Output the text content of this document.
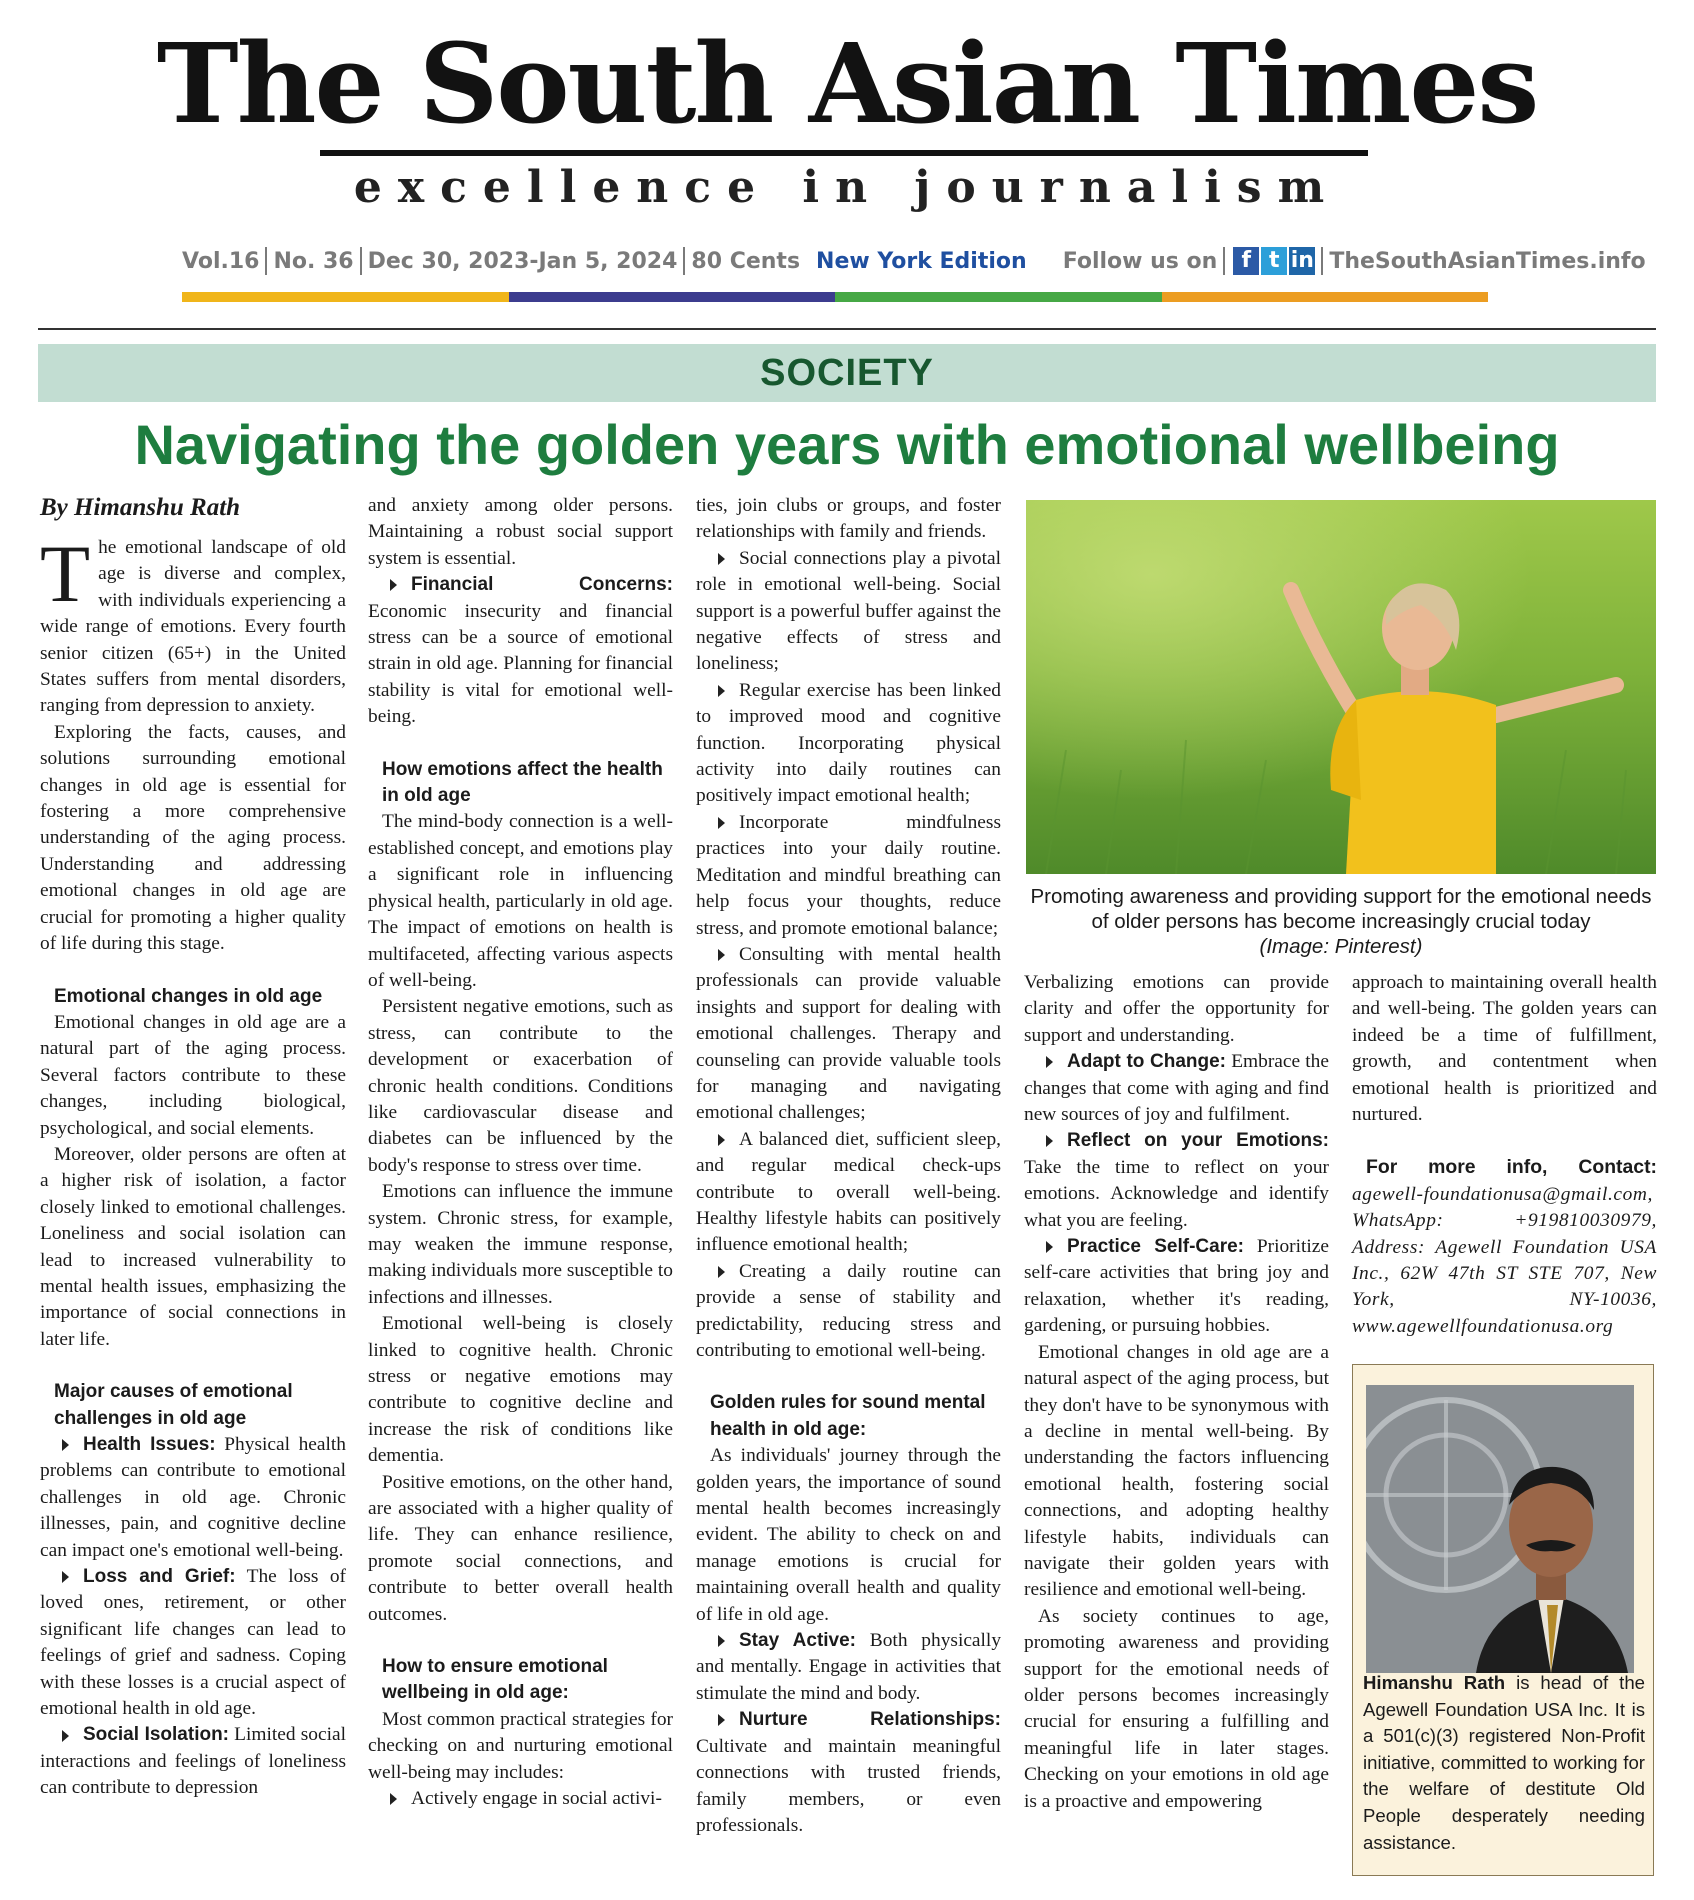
The South Asian Times
excellence in journalism
Vol.16 No. 36 Dec 30, 2023-Jan 5, 2024 80 Cents New York Edition Follow us on	f t in TheSouthAsianTimes.info
SOCIETY
Navigating the golden years with emotional wellbeing
By Himanshu Rath

The emotional landscape of old age is diverse and complex, with individuals experiencing a wide range of emotions. Every fourth senior citizen (65+) in the United States suffers from mental disorders, ranging from depression to anxiety.

Exploring the facts, causes, and solutions surrounding emotional changes in old age is essential for fostering a more comprehensive understanding of the aging process. Understanding and addressing emotional changes in old age are crucial for promoting a higher quality of life during this stage.

Emotional changes in old age

Emotional changes in old age are a natural part of the aging process. Several factors contribute to these changes, including biological, psychological, and social elements.

Moreover, older persons are often at a higher risk of isolation, a factor closely linked to emotional challenges. Loneliness and social isolation can lead to increased vulnerability to mental health issues, emphasizing the importance of social connections in later life.

Major causes of emotional challenges in old age

Health Issues: Physical health problems can contribute to emotional challenges in old age. Chronic illnesses, pain, and cognitive decline can impact one's emotional well-being.

Loss and Grief: The loss of loved ones, retirement, or other significant life changes can lead to feelings of grief and sadness. Coping with these losses is a crucial aspect of emotional health in old age.

Social Isolation: Limited social interactions and feelings of loneliness can contribute to depression

and anxiety among older persons. Maintaining a robust social support system is essential.

Financial Concerns: Economic insecurity and financial stress can be a source of emotional strain in old age. Planning for financial stability is vital for emotional well-being.

How emotions affect the health in old age

The mind-body connection is a well-established concept, and emotions play a significant role in influencing physical health, particularly in old age. The impact of emotions on health is multifaceted, affecting various aspects of well-being.

Persistent negative emotions, such as stress, can contribute to the development or exacerbation of chronic health conditions. Conditions like cardiovascular disease and diabetes can be influenced by the body's response to stress over time.

Emotions can influence the immune system. Chronic stress, for example, may weaken the immune response, making individuals more susceptible to infections and illnesses.

Emotional well-being is closely linked to cognitive health. Chronic stress or negative emotions may contribute to cognitive decline and increase the risk of conditions like dementia.

Positive emotions, on the other hand, are associated with a higher quality of life. They can enhance resilience, promote social connections, and contribute to better overall health outcomes.

How to ensure emotional wellbeing in old age:

Most common practical strategies for checking on and nurturing emotional well-being may includes:

Actively engage in social activi-

ties, join clubs or groups, and foster relationships with family and friends.

Social connections play a pivotal role in emotional well-being. Social support is a powerful buffer against the negative effects of stress and loneliness;

Regular exercise has been linked to improved mood and cognitive function. Incorporating physical activity into daily routines can positively impact emotional health;

Incorporate mindfulness practices into your daily routine. Meditation and mindful breathing can help focus your thoughts, reduce stress, and promote emotional balance;

Consulting with mental health professionals can provide valuable insights and support for dealing with emotional challenges. Therapy and counseling can provide valuable tools for managing and navigating emotional challenges;

A balanced diet, sufficient sleep, and regular medical check-ups contribute to overall well-being. Healthy lifestyle habits can positively influence emotional health;

Creating a daily routine can provide a sense of stability and predictability, reducing stress and contributing to emotional well-being.

Golden rules for sound mental health in old age:

As individuals' journey through the golden years, the importance of sound mental health becomes increasingly evident. The ability to check on and manage emotions is crucial for maintaining overall health and quality of life in old age.

Stay Active: Both physically and mentally. Engage in activities that stimulate the mind and body.

Nurture Relationships: Cultivate and maintain meaningful connections with trusted friends, family members, or even professionals.

Promoting awareness and providing support for the emotional needs of older persons has become increasingly crucial today
(Image: Pinterest)

Verbalizing emotions can provide clarity and offer the opportunity for support and understanding.

Adapt to Change: Embrace the changes that come with aging and find new sources of joy and fulfilment.

Reflect on your Emotions: Take the time to reflect on your emotions. Acknowledge and identify what you are feeling.

Practice Self-Care: Prioritize self-care activities that bring joy and relaxation, whether it's reading, gardening, or pursuing hobbies.

Emotional changes in old age are a natural aspect of the aging process, but they don't have to be synonymous with a decline in mental well-being. By understanding the factors influencing emotional health, fostering social connections, and adopting healthy lifestyle habits, individuals can navigate their golden years with resilience and emotional well-being.

As society continues to age, promoting awareness and providing support for the emotional needs of older persons becomes increasingly crucial for ensuring a fulfilling and meaningful life in later stages. Checking on your emotions in old age is a proactive and empowering

approach to maintaining overall health and well-being. The golden years can indeed be a time of fulfillment, growth, and contentment when emotional health is prioritized and nurtured.

For more info, Contact: agewell-foundationusa@gmail.com, WhatsApp: +919810030979, Address: Agewell Foundation USA Inc., 62W 47th ST STE 707, New York, NY-10036, www.agewellfoundationusa.org

Himanshu Rath is head of the Agewell Foundation USA Inc. It is a 501(c)(3) registered Non-Profit initiative, committed to working for the welfare of destitute Old People desperately needing assistance.
